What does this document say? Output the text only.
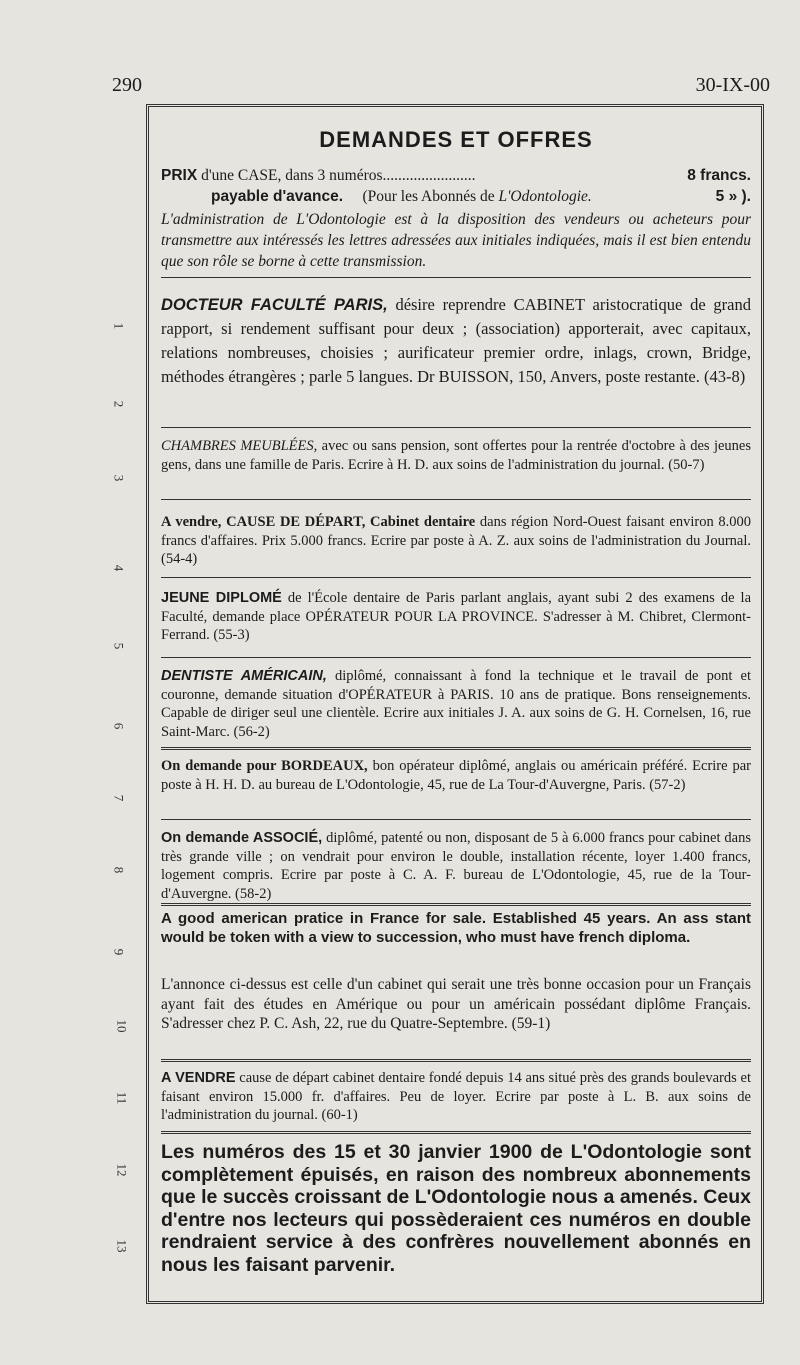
290	30-IX-00
1
2
3
4
5
6
7
8
9
10
11
12
13
DEMANDES ET OFFRES
PRIX d'une CASE, dans 3 numéros........................	8 francs.
payable d'avance. (Pour les Abonnés de L'Odontologie.	5 » ).

L'administration de L'Odontologie est à la disposition des vendeurs ou acheteurs pour transmettre aux intéressés les lettres adressées aux initiales indiquées, mais il est bien entendu que son rôle se borne à cette transmission.

DOCTEUR FACULTÉ PARIS, désire reprendre CABINET aristocratique de grand rapport, si rendement suffisant pour deux ; (association) apporterait, avec capitaux, relations nombreuses, choisies ; aurificateur premier ordre, inlags, crown, Bridge, méthodes étrangères ; parle 5 langues. Dr BUISSON, 150, Anvers, poste restante. (43-8)

CHAMBRES MEUBLÉES, avec ou sans pension, sont offertes pour la rentrée d'octobre à des jeunes gens, dans une famille de Paris. Ecrire à H. D. aux soins de l'administration du journal. (50-7)

A vendre, CAUSE DE DÉPART, Cabinet dentaire dans région Nord-Ouest faisant environ 8.000 francs d'affaires. Prix 5.000 francs. Ecrire par poste à A. Z. aux soins de l'administration du Journal. (54-4)

JEUNE DIPLOMÉ de l'École dentaire de Paris parlant anglais, ayant subi 2 des examens de la Faculté, demande place OPÉRATEUR POUR LA PROVINCE. S'adresser à M. Chibret, Clermont-Ferrand. (55-3)

DENTISTE AMÉRICAIN, diplômé, connaissant à fond la technique et le travail de pont et couronne, demande situation d'OPÉRATEUR à PARIS. 10 ans de pratique. Bons renseignements. Capable de diriger seul une clientèle. Ecrire aux initiales J. A. aux soins de G. H. Cornelsen, 16, rue Saint-Marc. (56-2)

On demande pour BORDEAUX, bon opérateur diplômé, anglais ou américain préféré. Ecrire par poste à H. H. D. au bureau de L'Odontologie, 45, rue de La Tour-d'Auvergne, Paris. (57-2)

On demande ASSOCIÉ, diplômé, patenté ou non, disposant de 5 à 6.000 francs pour cabinet dans très grande ville ; on vendrait pour environ le double, installation récente, loyer 1.400 francs, logement compris. Ecrire par poste à C. A. F. bureau de L'Odontologie, 45, rue de la Tour-d'Auvergne. (58-2)

A good american pratice in France for sale. Established 45 years. An ass stant would be token with a view to succession, who must have french diploma.

L'annonce ci-dessus est celle d'un cabinet qui serait une très bonne occasion pour un Français ayant fait des études en Amérique ou pour un américain possédant diplôme Français. S'adresser chez P. C. Ash, 22, rue du Quatre-Septembre. (59-1)

A VENDRE cause de départ cabinet dentaire fondé depuis 14 ans situé près des grands boulevards et faisant environ 15.000 fr. d'affaires. Peu de loyer. Ecrire par poste à L. B. aux soins de l'administration du journal. (60-1)

Les numéros des 15 et 30 janvier 1900 de L'Odontologie sont complètement épuisés, en raison des nombreux abonnements que le succès croissant de L'Odontologie nous a amenés. Ceux d'entre nos lecteurs qui possèderaient ces numéros en double rendraient service à des confrères nouvellement abonnés en nous les faisant parvenir.
